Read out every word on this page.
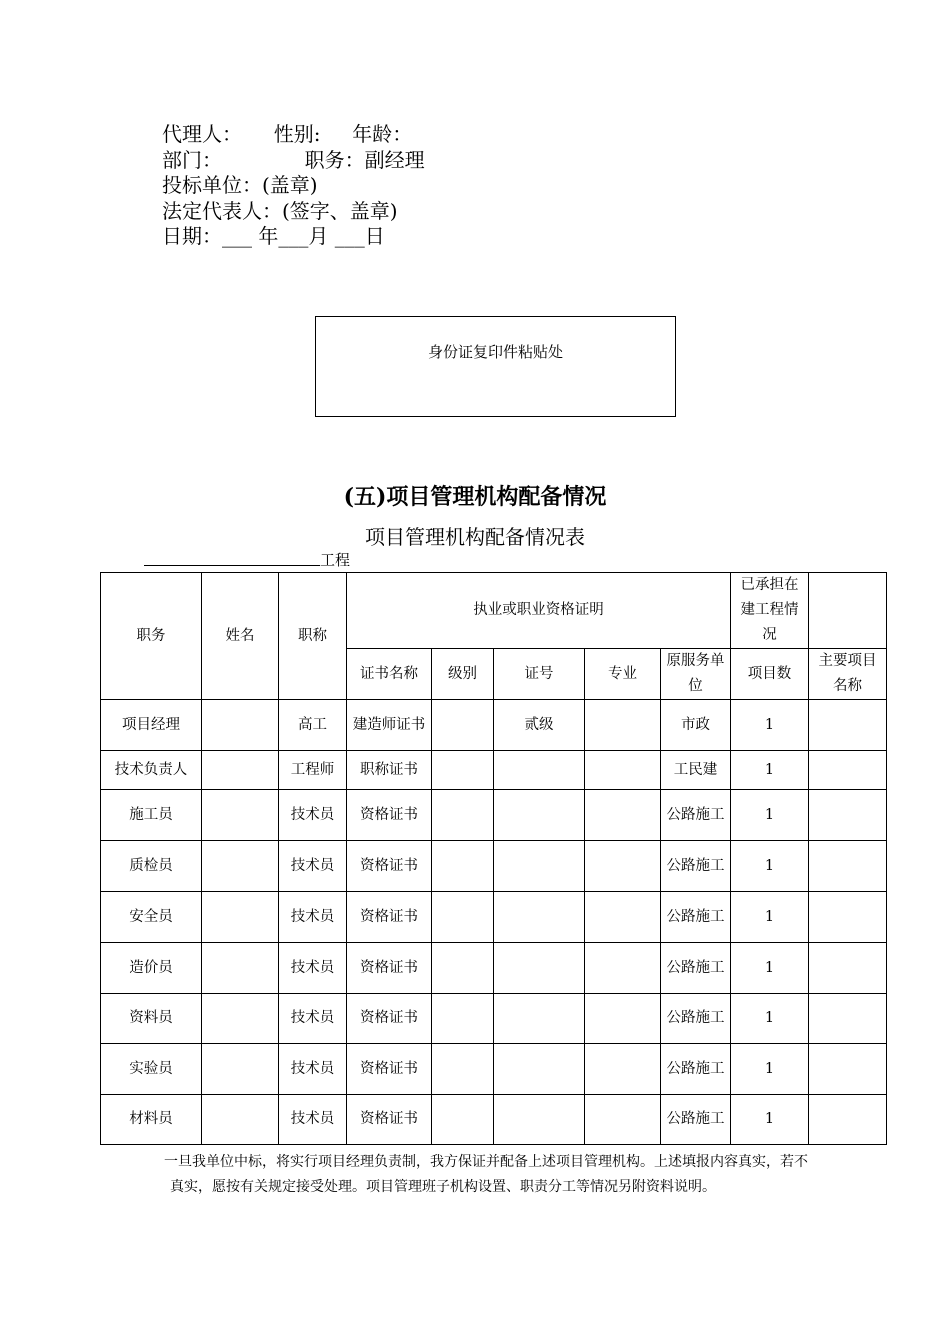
代理人：     性别:     年龄：
部门：             职务：副经理
投标单位：(盖章)
法定代表人：(签字、盖章)
日期：___ 年___月 ___日
身份证复印件粘贴处
(五)项目管理机构配备情况
项目管理机构配备情况表
工程
职务	姓名	职称	执业或职业资格证明					已承担在建工程情况	
			证书名称	级别	证号	专业	原服务单位	项目数	主要项目名称
项目经理		高工	建造师证书		贰级		市政	1	
技术负责人		工程师	职称证书				工民建	1	
施工员		技术员	资格证书				公路施工	1	
质检员		技术员	资格证书				公路施工	1	
安全员		技术员	资格证书				公路施工	1	
造价员		技术员	资格证书				公路施工	1	
资料员		技术员	资格证书				公路施工	1	
实验员		技术员	资格证书				公路施工	1	
材料员		技术员	资格证书				公路施工	1	
一旦我单位中标，将实行项目经理负责制，我方保证并配备上述项目管理机构。上述填报内容真实，若不
真实，愿按有关规定接受处理。项目管理班子机构设置、职责分工等情况另附资料说明。
